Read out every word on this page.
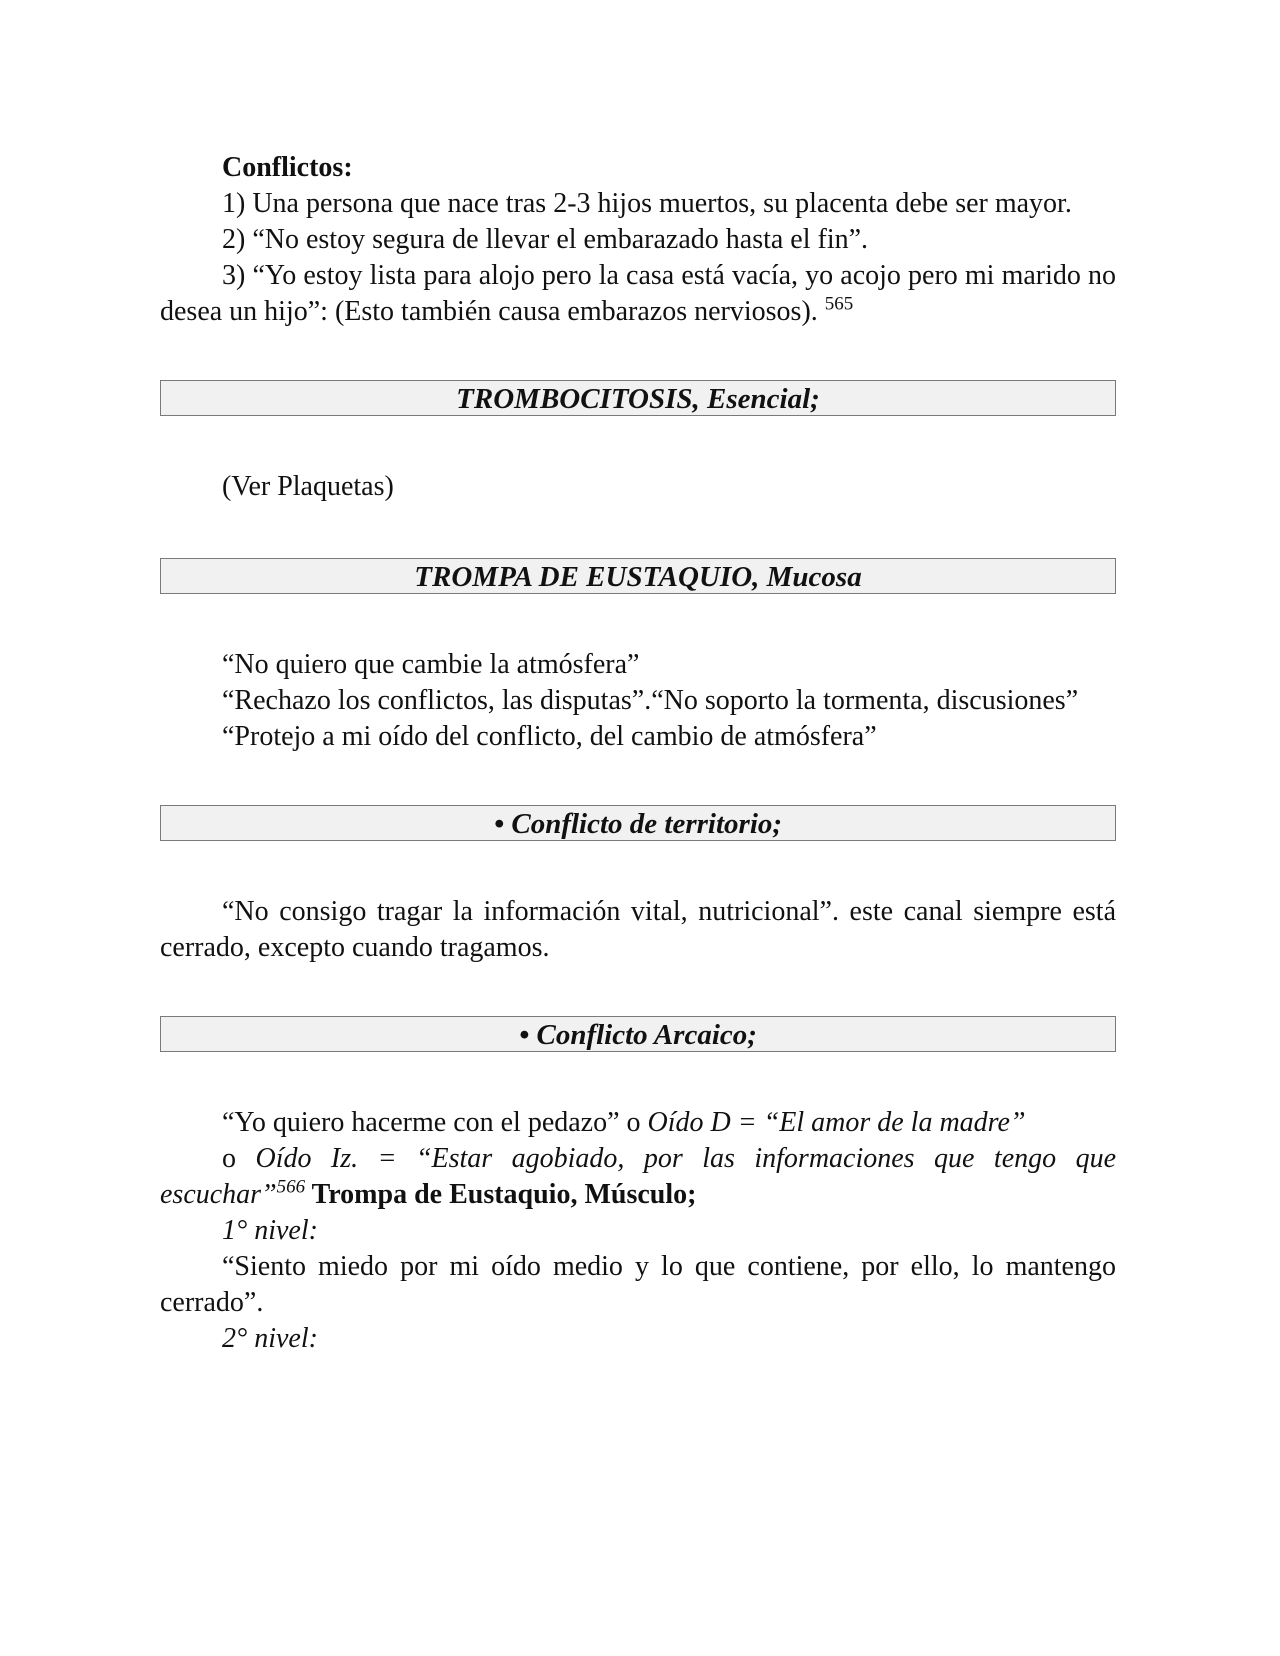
Conflictos:

1) Una persona que nace tras 2-3 hijos muertos, su placenta debe ser mayor.

2) “No estoy segura de llevar el embarazado hasta el fin”.

3) “Yo estoy lista para alojo pero la casa está vacía, yo acojo pero mi marido no desea un hijo”: (Esto también causa embarazos nerviosos). $^{565}$

TROMBOCITOSIS, Esencial;

(Ver Plaquetas)

TROMPA DE EUSTAQUIO, Mucosa

“No quiero que cambie la atmósfera”

“Rechazo los conflictos, las disputas”.“No soporto la tormenta, discusiones”

“Protejo a mi oído del conflicto, del cambio de atmósfera”

• Conflicto de territorio;

“No consigo tragar la información vital, nutricional”. este canal siempre está cerrado, excepto cuando tragamos.

• Conflicto Arcaico;

“Yo quiero hacerme con el pedazo” o Oído D = “El amor de la madre”

o Oído Iz. = “Estar agobiado, por las informaciones que tengo que escuchar”$^{566}$ Trompa de Eustaquio, Músculo;

1° nivel:

“Siento miedo por mi oído medio y lo que contiene, por ello, lo mantengo cerrado”.

2° nivel:
